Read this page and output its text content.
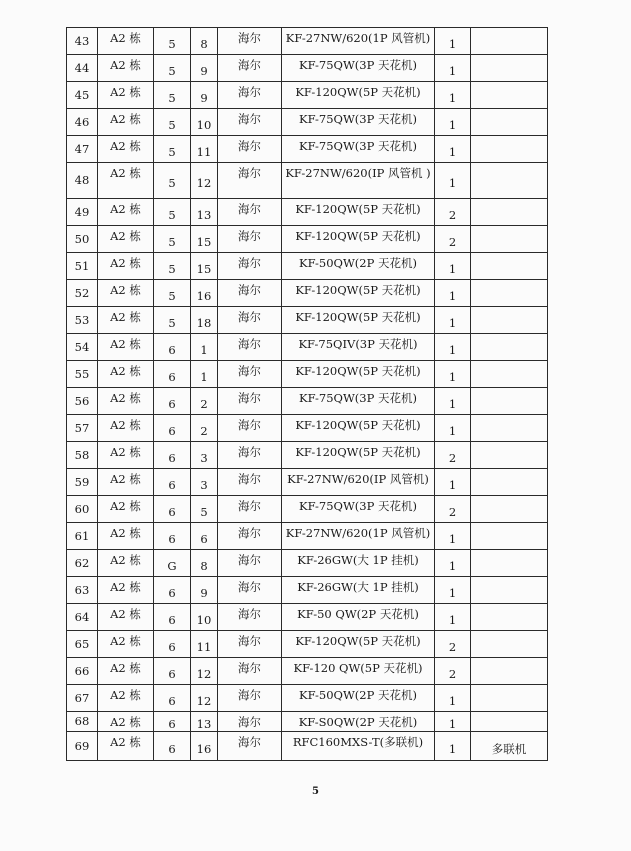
43	A2 栋	5	8	海尔	KF-27NW/620(1P 风管机)	1	
44	A2 栋	5	9	海尔	KF-75QW(3P 天花机)	1	
45	A2 栋	5	9	海尔	KF-120QW(5P 天花机)	1	
46	A2 栋	5	10	海尔	KF-75QW(3P 天花机)	1	
47	A2 栋	5	11	海尔	KF-75QW(3P 天花机)	1	
48	A2 栋	5	12	海尔	KF-27NW/620(IP 风管机 )	1	
49	A2 栋	5	13	海尔	KF-120QW(5P 天花机)	2	
50	A2 栋	5	15	海尔	KF-120QW(5P 天花机)	2	
51	A2 栋	5	15	海尔	KF-50QW(2P 天花机)	1	
52	A2 栋	5	16	海尔	KF-120QW(5P 天花机)	1	
53	A2 栋	5	18	海尔	KF-120QW(5P 天花机)	1	
54	A2 栋	6	1	海尔	KF-75QIV(3P 天花机)	1	
55	A2 栋	6	1	海尔	KF-120QW(5P 天花机)	1	
56	A2 栋	6	2	海尔	KF-75QW(3P 天花机)	1	
57	A2 栋	6	2	海尔	KF-120QW(5P 天花机)	1	
58	A2 栋	6	3	海尔	KF-120QW(5P 天花机)	2	
59	A2 栋	6	3	海尔	KF-27NW/620(IP 风管机)	1	
60	A2 栋	6	5	海尔	KF-75QW(3P 天花机)	2	
61	A2 栋	6	6	海尔	KF-27NW/620(1P 风管机)	1	
62	A2 栋	G	8	海尔	KF-26GW(大 1P 挂机)	1	
63	A2 栋	6	9	海尔	KF-26GW(大 1P 挂机)	1	
64	A2 栋	6	10	海尔	KF-50 QW(2P 天花机)	1	
65	A2 栋	6	11	海尔	KF-120QW(5P 天花机)	2	
66	A2 栋	6	12	海尔	KF-120 QW(5P 天花机)	2	
67	A2 栋	6	12	海尔	KF-50QW(2P 天花机)	1	
68	A2 栋	6	13	海尔	KF-S0QW(2P 天花机)	1	
69	A2 栋	6	16	海尔	RFC160MXS-T(多联机)	1	多联机
5
